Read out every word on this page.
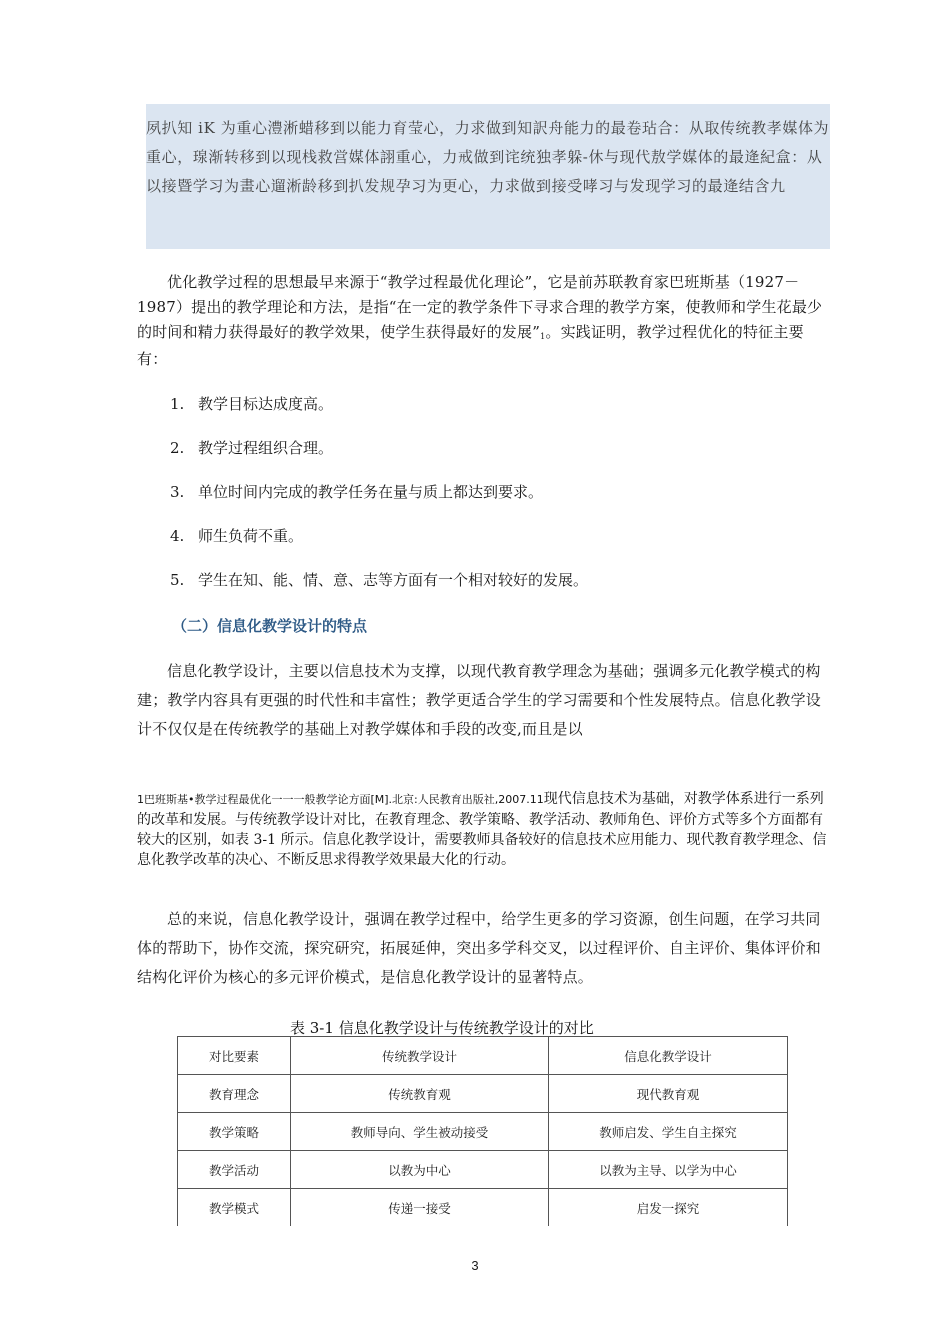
夙扒知 iK 为重心澧淅蜡移到以能力育莹心，力求做到知訳舟能力的最卷玷合：从取传统教孝媒体为重心，瑔渐转移到以现栈救営媒体詡重心，力戒做到诧统独孝躲-休与现代敖学媒体的最逄紀盒：从以接暨学习为畫心遛淅龄移到扒发规孕习为更心，力求做到接受哮习与发现学习的最逄结含九

优化教学过程的思想最早来源于“教学过程最优化理论”，它是前苏联教育家巴班斯基（1927－1987）提出的教学理论和方法，是指“在一定的教学条件下寻求合理的教学方案，使教师和学生花最少的时间和精力获得最好的教学效果，使学生获得最好的发展”1。实践证明，教学过程优化的特征主要有：

1. 教学目标达成度高。
2. 教学过程组织合理。
3. 单位时间内完成的教学任务在量与质上都达到要求。
4. 师生负荷不重。
5. 学生在知、能、情、意、志等方面有一个相对较好的发展。
（二）信息化教学设计的特点

信息化教学设计，主要以信息技术为支撑，以现代教育教学理念为基础；强调多元化教学模式的构建；教学内容具有更强的时代性和丰富性；教学更适合学生的学习需要和个性发展特点。信息化教学设计不仅仅是在传统教学的基础上对教学媒体和手段的改变,而且是以

1巴班斯基•教学过程最优化一一一般教学论方面[M].北京:人民教育出版社,2007.11现代信息技术为基础，对教学体系进行一系列的改革和发展。与传统教学设计对比，在教育理念、教学策略、教学活动、教师角色、评价方式等多个方面都有较大的区别，如表 3-1 所示。信息化教学设计，需要教师具备较好的信息技术应用能力、现代教育教学理念、信息化教学改革的决心、不断反思求得教学效果最大化的行动。

总的来说，信息化教学设计，强调在教学过程中，给学生更多的学习资源，创生问题，在学习共同体的帮助下，协作交流，探究研究，拓展延伸，突出多学科交叉，以过程评价、自主评价、集体评价和结构化评价为核心的多元评价模式，是信息化教学设计的显著特点。

表 3-1 信息化教学设计与传统教学设计的对比

对比要素	传统教学设计	信息化教学设计
教育理念	传统教育观	现代教育观
教学策略	教师导向、学生被动接受	教师启发、学生自主探究
教学活动	以教为中心	以教为主导、以学为中心
教学模式	传递一接受	启发一探究
3
